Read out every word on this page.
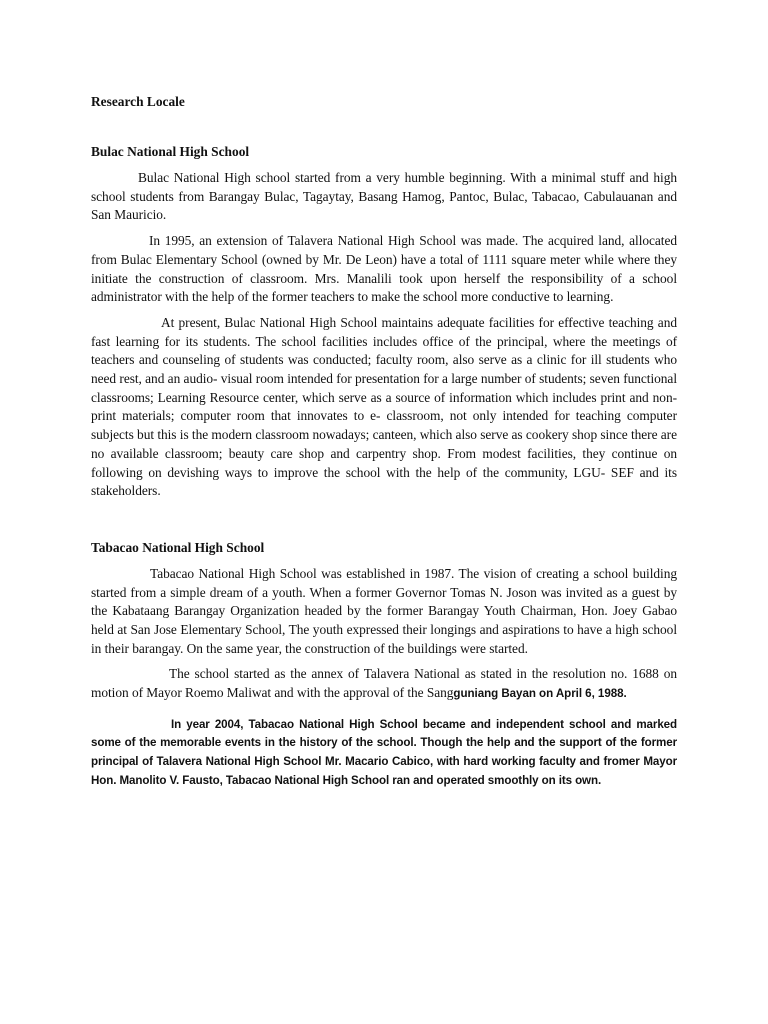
Research Locale

Bulac National High School

Bulac National High school started from a very humble beginning. With a minimal stuff and high school students from Barangay Bulac, Tagaytay, Basang Hamog, Pantoc, Bulac, Tabacao, Cabulauanan and San Mauricio.

In 1995, an extension of Talavera National High School was made. The acquired land, allocated from Bulac Elementary School (owned by Mr. De Leon) have a total of 1111 square meter while where they initiate the construction of classroom. Mrs. Manalili took upon herself the responsibility of a school administrator with the help of the former teachers to make the school more conductive to learning.

At present, Bulac National High School maintains adequate facilities for effective teaching and fast learning for its students. The school facilities includes office of the principal, where the meetings of teachers and counseling of students was conducted; faculty room, also serve as a clinic for ill students who need rest, and an audio- visual room intended for presentation for a large number of students; seven functional classrooms; Learning Resource center, which serve as a source of information which includes print and non- print materials; computer room that innovates to e- classroom, not only intended for teaching computer subjects but this is the modern classroom nowadays; canteen, which also serve as cookery shop since there are no available classroom; beauty care shop and carpentry shop. From modest facilities, they continue on following on devishing ways to improve the school with the help of the community, LGU- SEF and its stakeholders.

Tabacao National High School

Tabacao National High School was established in 1987. The vision of creating a school building started from a simple dream of a youth. When a former Governor Tomas N. Joson was invited as a guest by the Kabataang Barangay Organization headed by the former Barangay Youth Chairman, Hon. Joey Gabao held at San Jose Elementary School, The youth expressed their longings and aspirations to have a high school in their barangay. On the same year, the construction of the buildings were started.

The school started as the annex of Talavera National as stated in the resolution no. 1688 on motion of Mayor Roemo Maliwat and with the approval of the Sangguniang Bayan on April 6, 1988.

In year 2004, Tabacao National High School became and independent school and marked some of the memorable events in the history of the school. Though the help and the support of the former principal of Talavera National High School Mr. Macario Cabico, with hard working faculty and fromer Mayor Hon. Manolito V. Fausto, Tabacao National High School ran and operated smoothly on its own.
